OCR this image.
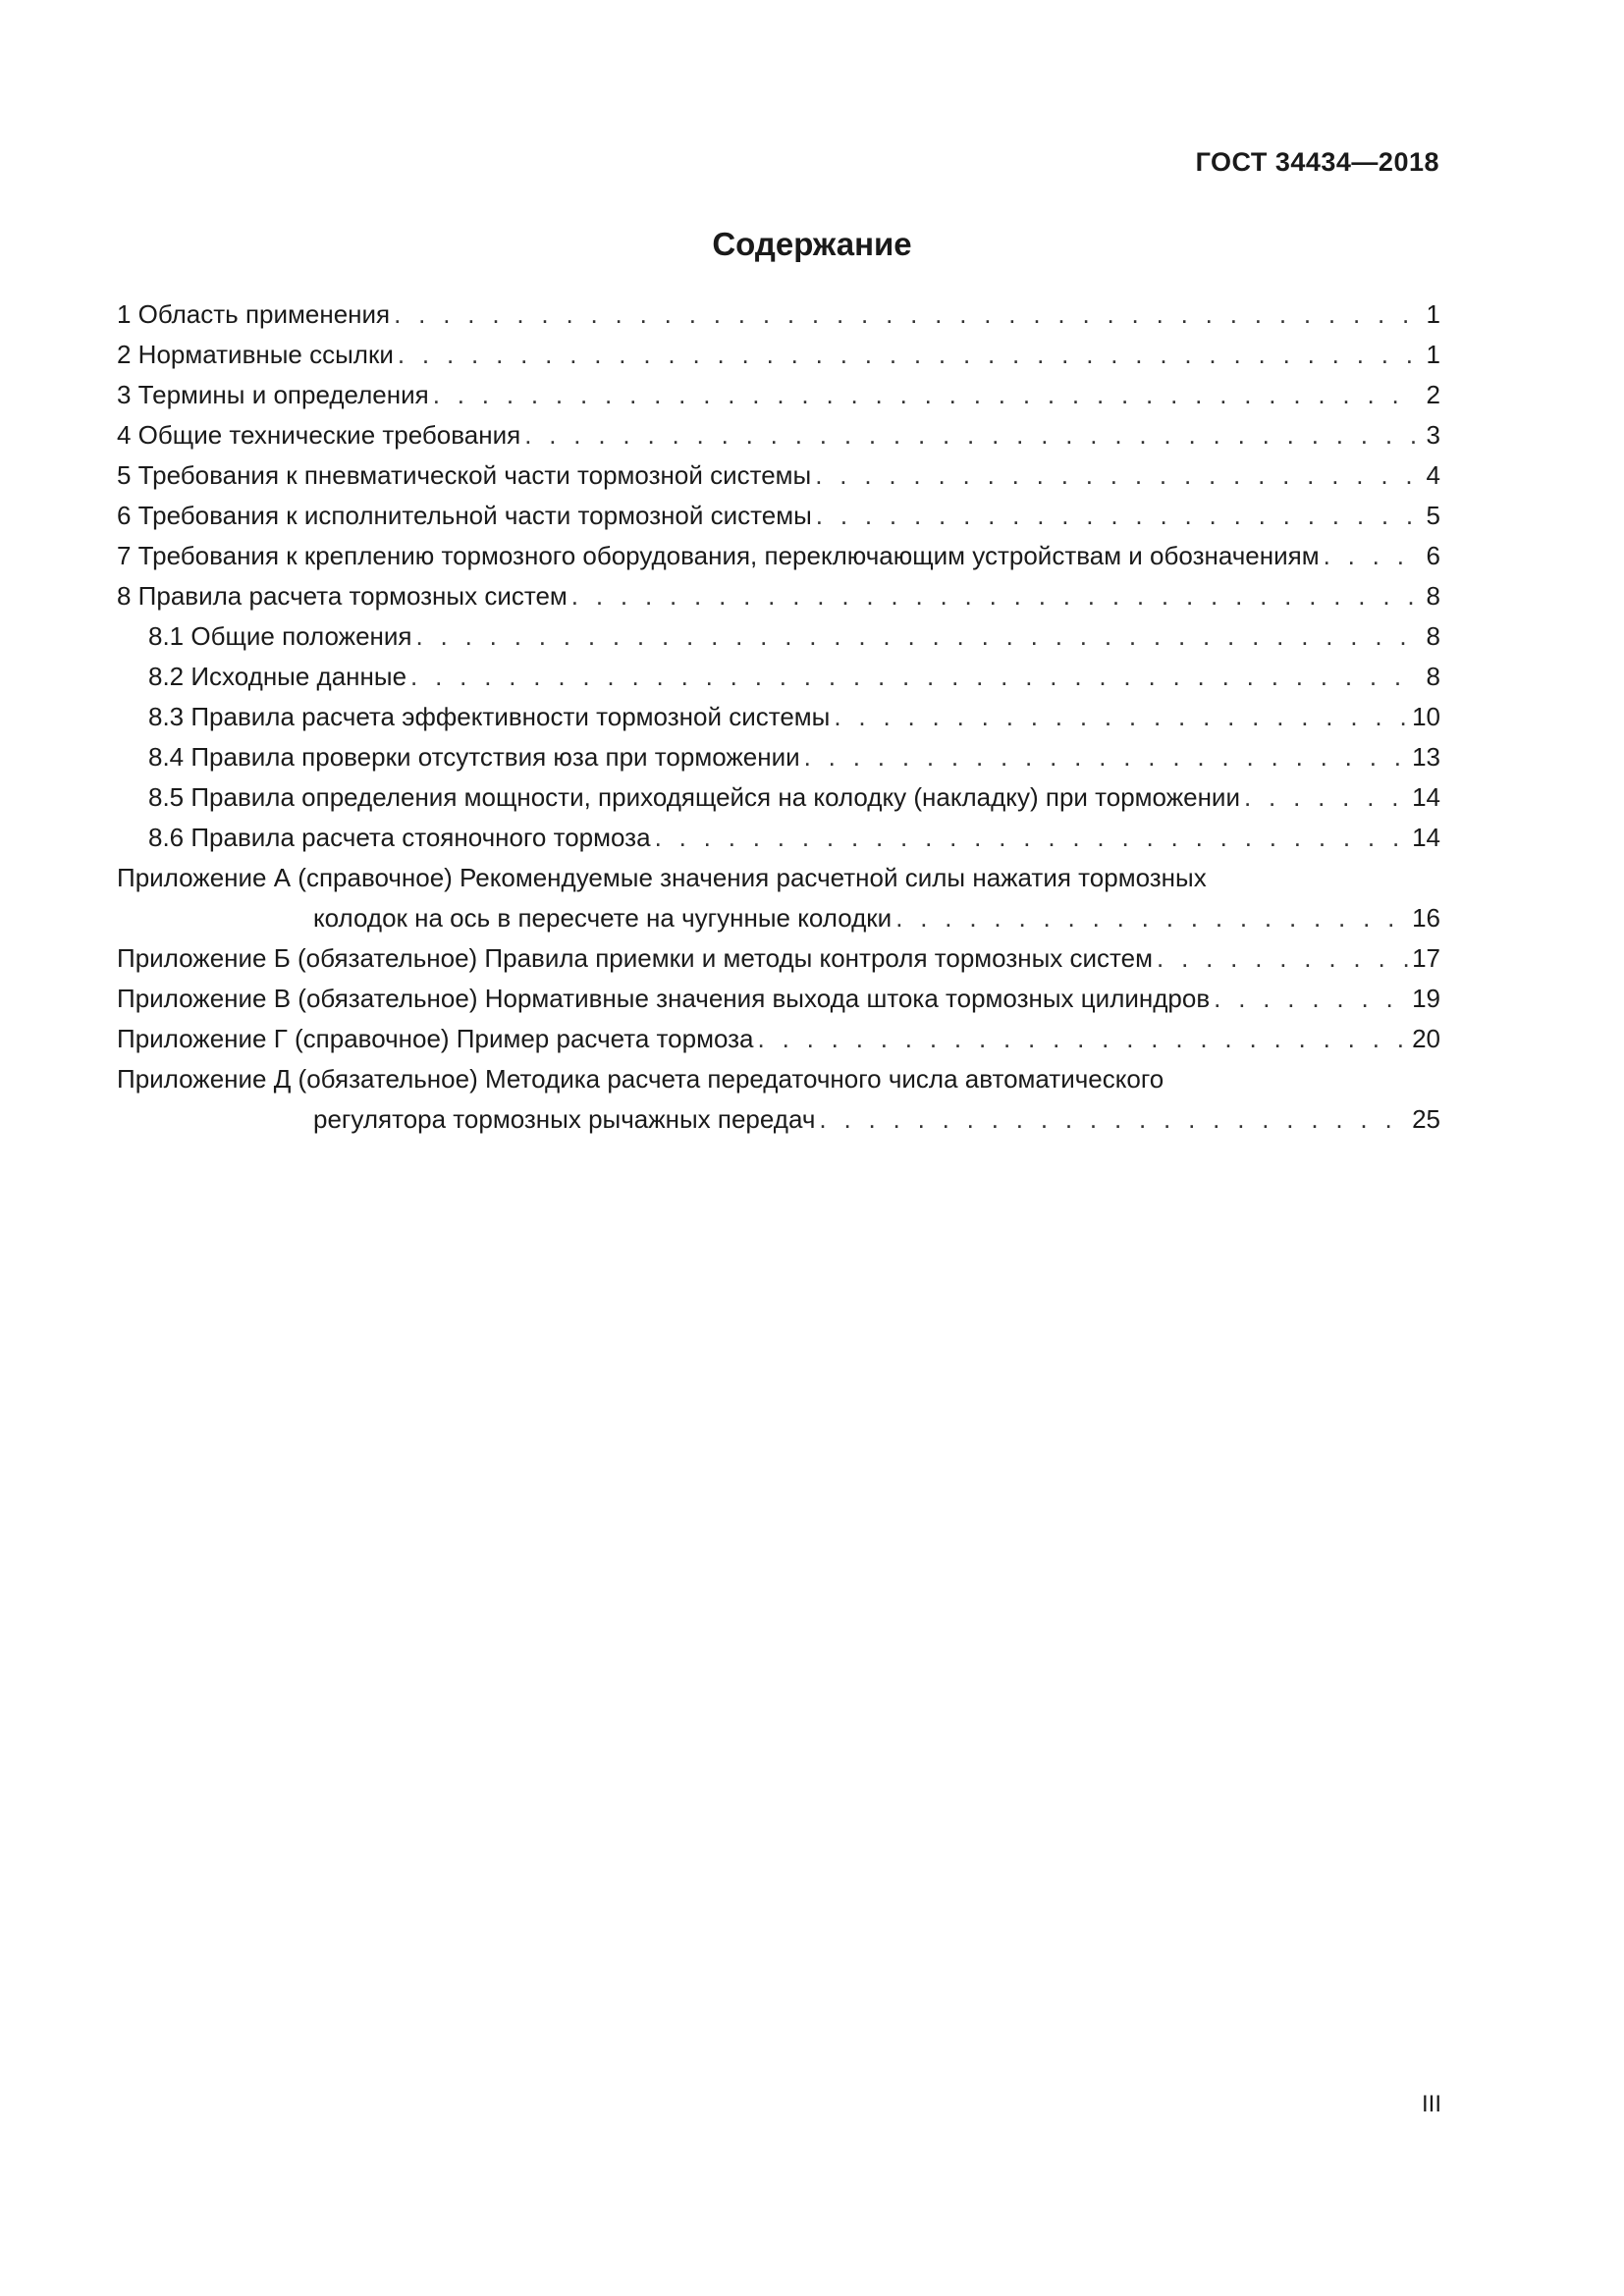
ГОСТ 34434—2018
Содержание
1 Область применения . . .	1
2 Нормативные ссылки . . .	1
3 Термины и определения . . .	2
4 Общие технические требования . . .	3
5 Требования к пневматической части тормозной системы . . .	4
6 Требования к исполнительной части тормозной системы . . .	5
7 Требования к креплению тормозного оборудования, переключающим устройствам и обозначениям . . .	6
8 Правила расчета тормозных систем . . .	8
8.1 Общие положения . . .	8
8.2 Исходные данные . . .	8
8.3 Правила расчета эффективности тормозной системы . . .	10
8.4 Правила проверки отсутствия юза при торможении . . .	13
8.5 Правила определения мощности, приходящейся на колодку (накладку) при торможении . . .	14
8.6 Правила расчета стояночного тормоза . . .	14
Приложение А (справочное) Рекомендуемые значения расчетной силы нажатия тормозных
колодок на ось в пересчете на чугунные колодки . . .	16
Приложение Б (обязательное) Правила приемки и методы контроля тормозных систем . . .	17
Приложение В (обязательное) Нормативные значения выхода штока тормозных цилиндров . . .	19
Приложение Г (справочное) Пример расчета тормоза . . .	20
Приложение Д (обязательное) Методика расчета передаточного числа автоматического
регулятора тормозных рычажных передач . . .	25
III
